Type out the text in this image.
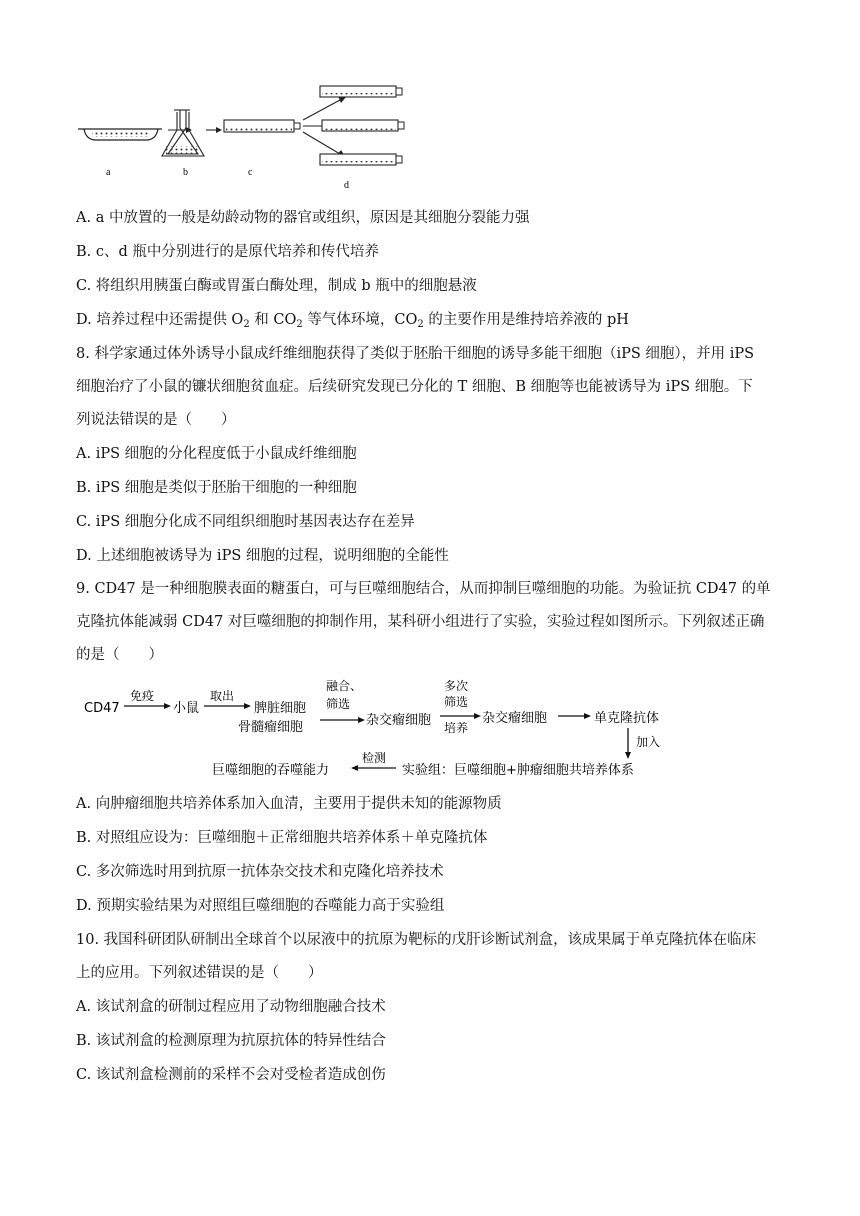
a	b	c
d
A. a 中放置的一般是幼龄动物的器官或组织，原因是其细胞分裂能力强
B. c、d 瓶中分别进行的是原代培养和传代培养
C. 将组织用胰蛋白酶或胃蛋白酶处理，制成 b 瓶中的细胞悬液
D. 培养过程中还需提供 $O_2$ 和 $CO_2$ 等气体环境，$CO_2$ 的主要作用是维持培养液的 pH
8. 科学家通过体外诱导小鼠成纤维细胞获得了类似于胚胎干细胞的诱导多能干细胞（iPS 细胞），并用 iPS
细胞治疗了小鼠的镰状细胞贫血症。后续研究发现已分化的 T 细胞、B 细胞等也能被诱导为 iPS 细胞。下
列说法错误的是（　　）
A. iPS 细胞的分化程度低于小鼠成纤维细胞
B. iPS 细胞是类似于胚胎干细胞的一种细胞
C. iPS 细胞分化成不同组织细胞时基因表达存在差异
D. 上述细胞被诱导为 iPS 细胞的过程，说明细胞的全能性
9. CD47 是一种细胞膜表面的糖蛋白，可与巨噬细胞结合，从而抑制巨噬细胞的功能。为验证抗 CD47 的单
克隆抗体能减弱 CD47 对巨噬细胞的抑制作用，某科研小组进行了实验，实验过程如图所示。下列叙述正确
的是（　　）
CD47
免疫
小鼠
取出
脾脏细胞
骨髓瘤细胞
融合、
筛选
杂交瘤细胞
多次
筛选
培养
杂交瘤细胞	单克隆抗体
加入
巨噬细胞的吞噬能力
检测
实验组：巨噬细胞+肿瘤细胞共培养体系
A. 向肿瘤细胞共培养体系加入血清，主要用于提供未知的能源物质
B. 对照组应设为：巨噬细胞＋正常细胞共培养体系＋单克隆抗体
C. 多次筛选时用到抗原一抗体杂交技术和克隆化培养技术
D. 预期实验结果为对照组巨噬细胞的吞噬能力高于实验组
10. 我国科研团队研制出全球首个以尿液中的抗原为靶标的戊肝诊断试剂盒，该成果属于单克隆抗体在临床
上的应用。下列叙述错误的是（　　）
A. 该试剂盒的研制过程应用了动物细胞融合技术
B. 该试剂盒的检测原理为抗原抗体的特异性结合
C. 该试剂盒检测前的采样不会对受检者造成创伤
